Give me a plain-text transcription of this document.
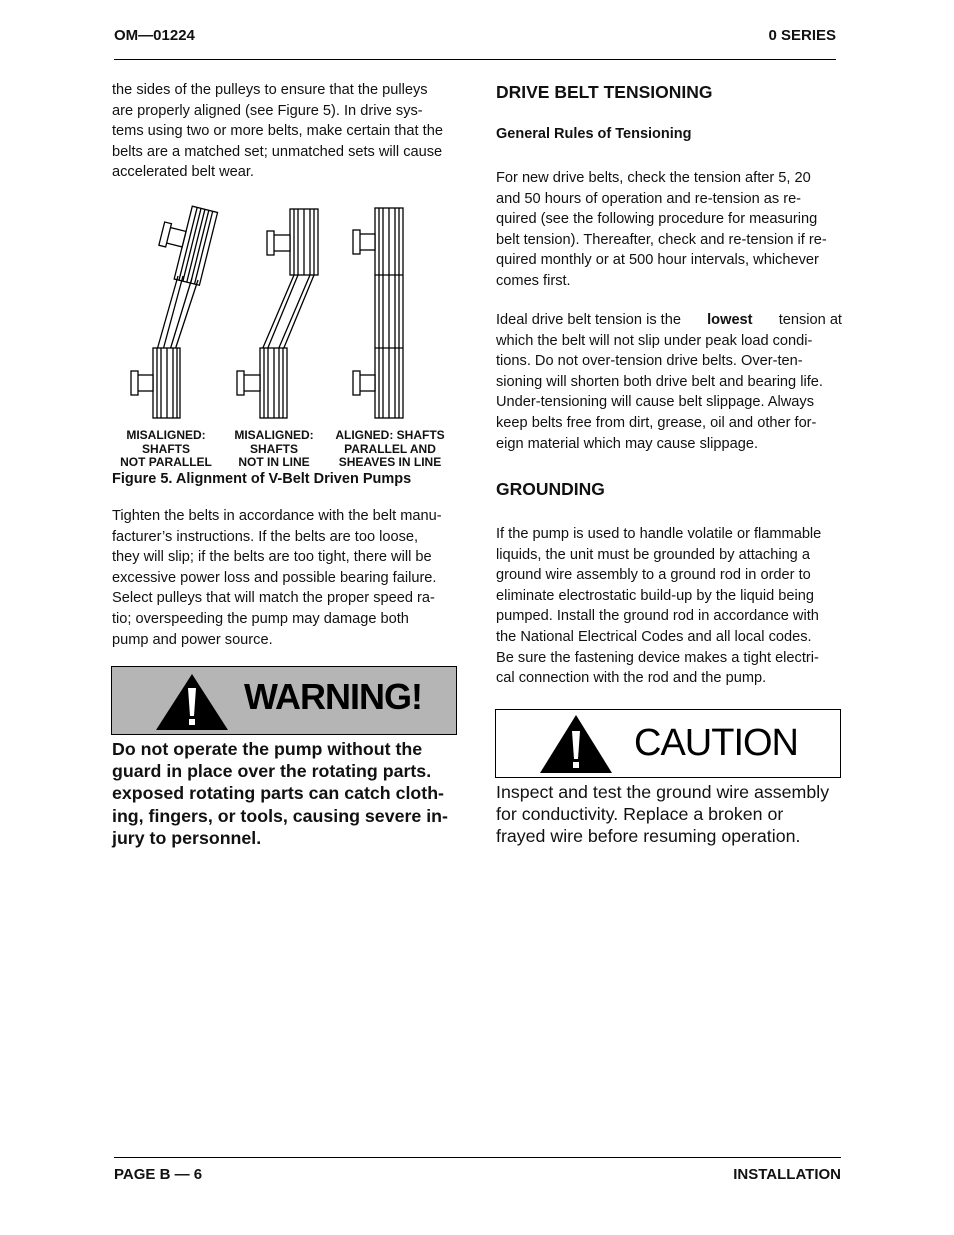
OM—01224	0 SERIES
the sides of the pulleys to ensure that the pulleys
are properly aligned (see Figure 5). In drive sys-
tems using two or more belts, make certain that the
belts are a matched set; unmatched sets will cause
accelerated belt wear.
MISALIGNED:
SHAFTS
NOT PARALLEL
MISALIGNED:
SHAFTS
NOT IN LINE
ALIGNED: SHAFTS
PARALLEL AND
SHEAVES IN LINE
Figure 5. Alignment of V-Belt Driven Pumps
Tighten the belts in accordance with the belt manu-
facturer’s instructions. If the belts are too loose,
they will slip; if the belts are too tight, there will be
excessive power loss and possible bearing failure.
Select pulleys that will match the proper speed ra-
tio; overspeeding the pump may damage both
pump and power source.
WARNING!
Do not operate the pump without the
guard in place over the rotating parts.
exposed rotating parts can catch cloth-
ing, fingers, or tools, causing severe in-
jury to personnel.
DRIVE BELT TENSIONING
General Rules of Tensioning
For new drive belts, check the tension after 5, 20
and 50 hours of operation and re-tension as re-
quired (see the following procedure for measuring
belt tension). Thereafter, check and re-tension if re-
quired monthly or at 500 hour intervals, whichever
comes first.
Ideal drive belt tension is the lowest tension at
which the belt will not slip under peak load condi-
tions. Do not over-tension drive belts. Over-ten-
sioning will shorten both drive belt and bearing life.
Under-tensioning will cause belt slippage. Always
keep belts free from dirt, grease, oil and other for-
eign material which may cause slippage.
GROUNDING
If the pump is used to handle volatile or flammable
liquids, the unit must be grounded by attaching a
ground wire assembly to a ground rod in order to
eliminate electrostatic build-up by the liquid being
pumped. Install the ground rod in accordance with
the National Electrical Codes and all local codes.
Be sure the fastening device makes a tight electri-
cal connection with the rod and the pump.
CAUTION
Inspect and test the ground wire assembly
for conductivity. Replace a broken or
frayed wire before resuming operation.
PAGE B — 6	INSTALLATION
